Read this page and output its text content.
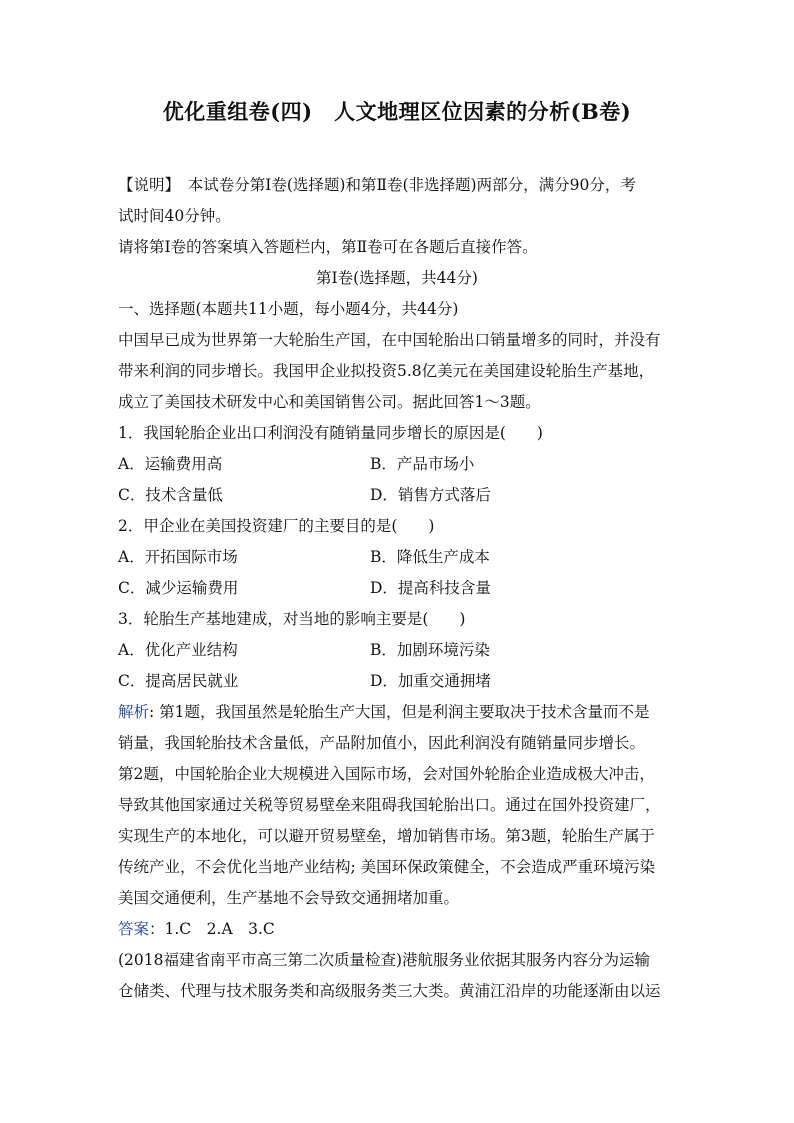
优化重组卷(四)　人文地理区位因素的分析(B卷)
【说明】　本试卷分第Ⅰ卷(选择题)和第Ⅱ卷(非选择题)两部分，满分90分，考
试时间40分钟。
请将第Ⅰ卷的答案填入答题栏内，第Ⅱ卷可在各题后直接作答。
第Ⅰ卷(选择题，共44分)
一、选择题(本题共11小题，每小题4分，共44分)
中国早已成为世界第一大轮胎生产国，在中国轮胎出口销量增多的同时，并没有
带来利润的同步增长。我国甲企业拟投资5.8亿美元在美国建设轮胎生产基地，
成立了美国技术研发中心和美国销售公司。据此回答1～3题。
1．我国轮胎企业出口利润没有随销量同步增长的原因是(　　)
A．运输费用高	B．产品市场小
C．技术含量低	D．销售方式落后
2．甲企业在美国投资建厂的主要目的是(　　)
A．开拓国际市场	B．降低生产成本
C．减少运输费用	D．提高科技含量
3．轮胎生产基地建成，对当地的影响主要是(　　)
A．优化产业结构	B．加剧环境污染
C．提高居民就业	D．加重交通拥堵
解析: 第1题，我国虽然是轮胎生产大国，但是利润主要取决于技术含量而不是
销量，我国轮胎技术含量低，产品附加值小，因此利润没有随销量同步增长。
第2题，中国轮胎企业大规模进入国际市场，会对国外轮胎企业造成极大冲击，
导致其他国家通过关税等贸易壁垒来阻碍我国轮胎出口。通过在国外投资建厂，
实现生产的本地化，可以避开贸易壁垒，增加销售市场。第3题，轮胎生产属于
传统产业，不会优化当地产业结构; 美国环保政策健全，不会造成严重环境污染
美国交通便利，生产基地不会导致交通拥堵加重。
答案：1.C　2.A　3.C
(2018福建省南平市高三第二次质量检查)港航服务业依据其服务内容分为运输
仓储类、代理与技术服务类和高级服务类三大类。黄浦江沿岸的功能逐渐由以运
